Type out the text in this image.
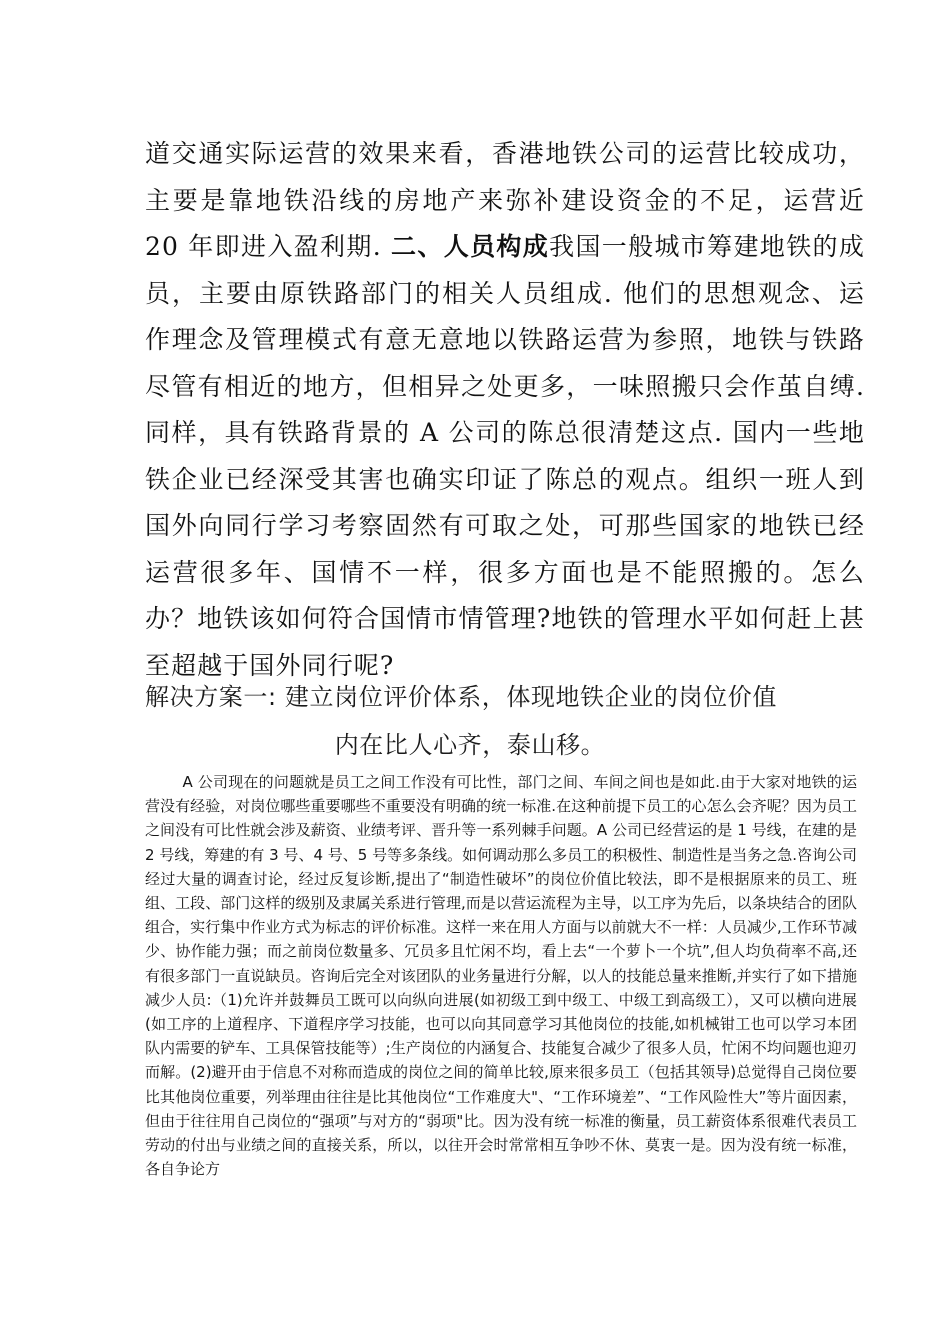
道交通实际运营的效果来看，香港地铁公司的运营比较成功，主要是靠地铁沿线的房地产来弥补建设资金的不足，运营近 20 年即进入盈利期. 二、人员构成我国一般城市筹建地铁的成员，主要由原铁路部门的相关人员组成. 他们的思想观念、运作理念及管理模式有意无意地以铁路运营为参照，地铁与铁路尽管有相近的地方，但相异之处更多，一味照搬只会作茧自缚. 同样，具有铁路背景的 A 公司的陈总很清楚这点. 国内一些地铁企业已经深受其害也确实印证了陈总的观点。组织一班人到国外向同行学习考察固然有可取之处，可那些国家的地铁已经运营很多年、国情不一样，很多方面也是不能照搬的。怎么办？地铁该如何符合国情市情管理?地铁的管理水平如何赶上甚至超越于国外同行呢?

解决方案一: 建立岗位评价体系，体现地铁企业的岗位价值

内在比人心齐，泰山移。

A 公司现在的问题就是员工之间工作没有可比性，部门之间、车间之间也是如此.由于大家对地铁的运营没有经验，对岗位哪些重要哪些不重要没有明确的统一标准.在这种前提下员工的心怎么会齐呢？因为员工之间没有可比性就会涉及薪资、业绩考评、晋升等一系列棘手问题。A 公司已经营运的是 1 号线，在建的是 2 号线，筹建的有 3 号、4 号、5 号等多条线。如何调动那么多员工的积极性、制造性是当务之急.咨询公司经过大量的调查讨论，经过反复诊断,提出了“制造性破坏”的岗位价值比较法，即不是根据原来的员工、班组、工段、部门这样的级别及隶属关系进行管理,而是以营运流程为主导，以工序为先后，以条块结合的团队组合，实行集中作业方式为标志的评价标准。这样一来在用人方面与以前就大不一样：人员减少,工作环节减少、协作能力强；而之前岗位数量多、冗员多且忙闲不均，看上去“一个萝卜一个坑”,但人均负荷率不高,还有很多部门一直说缺员。咨询后完全对该团队的业务量进行分解，以人的技能总量来推断,并实行了如下措施减少人员:（1)允许并鼓舞员工既可以向纵向进展(如初级工到中级工、中级工到高级工），又可以横向进展(如工序的上道程序、下道程序学习技能，也可以向其同意学习其他岗位的技能,如机械钳工也可以学习本团队内需要的铲车、工具保管技能等）;生产岗位的内涵复合、技能复合减少了很多人员，忙闲不均问题也迎刃而解。(2)避开由于信息不对称而造成的岗位之间的简单比较,原来很多员工（包括其领导)总觉得自己岗位要比其他岗位重要，列举理由往往是比其他岗位“工作难度大"、“工作环境差”、“工作风险性大”等片面因素，但由于往往用自己岗位的“强项”与对方的“弱项"比。因为没有统一标准的衡量，员工薪资体系很难代表员工劳动的付出与业绩之间的直接关系，所以，以往开会时常常相互争吵不休、莫衷一是。因为没有统一标准，各自争论方
